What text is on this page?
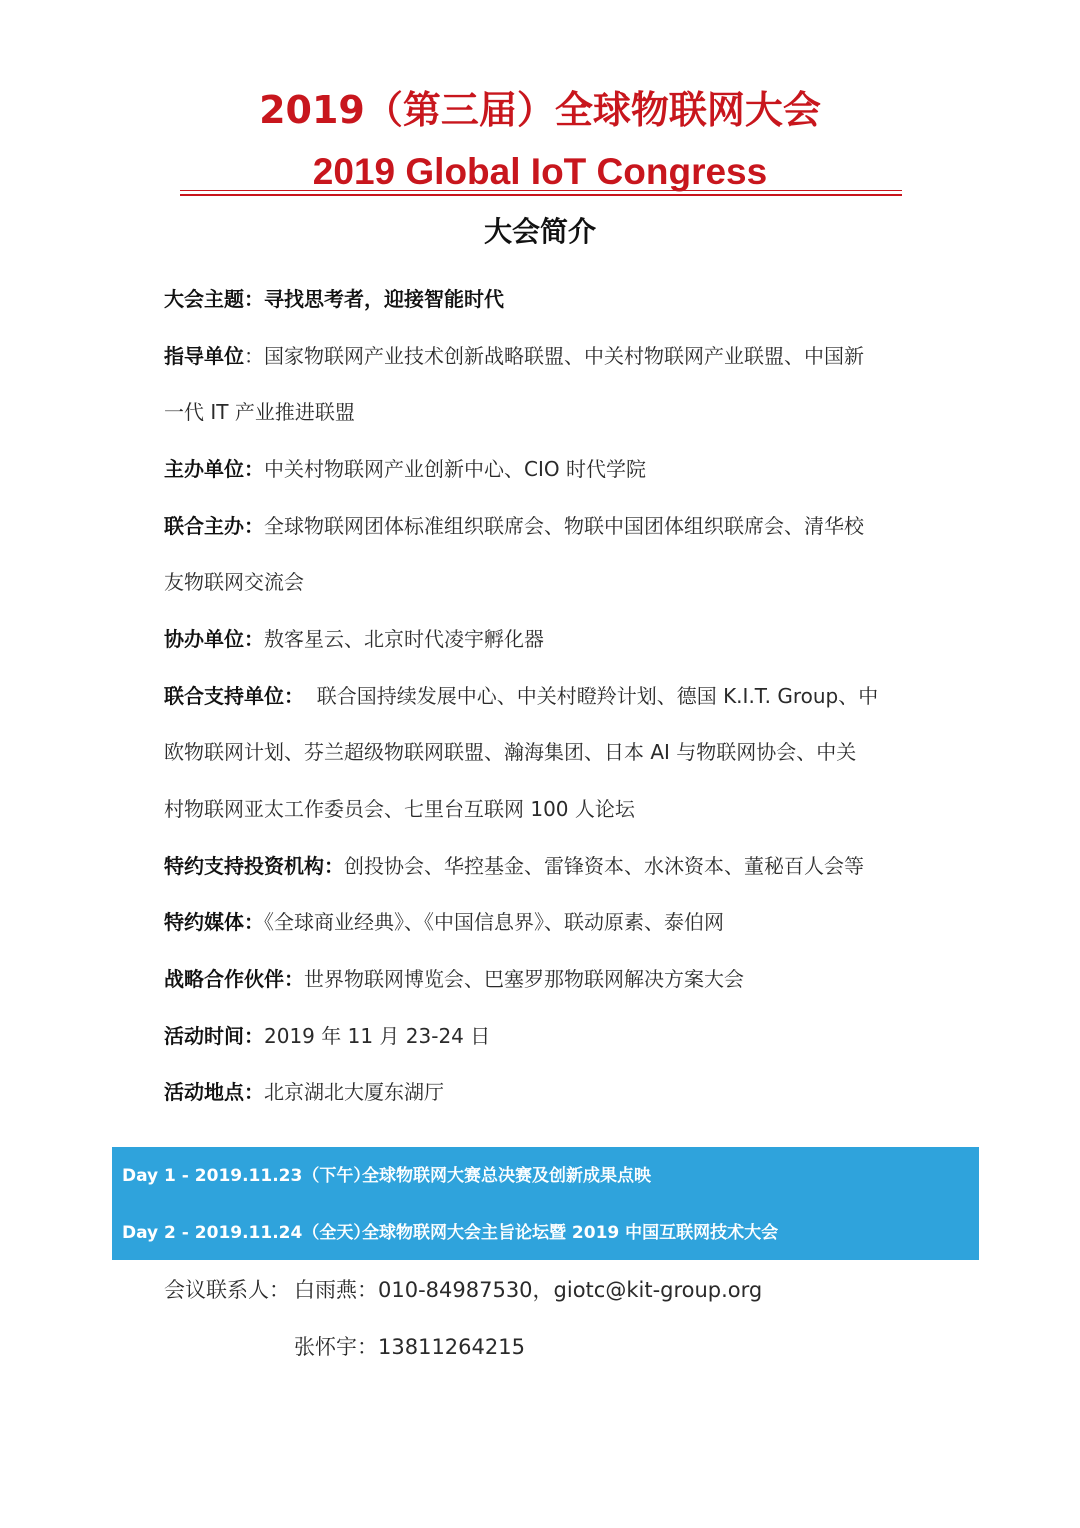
2019（第三届）全球物联网大会
2019 Global IoT Congress
大会简介
大会主题：寻找思考者，迎接智能时代
指导单位：国家物联网产业技术创新战略联盟、中关村物联网产业联盟、中国新
一代 IT 产业推进联盟
主办单位：中关村物联网产业创新中心、CIO 时代学院
联合主办：全球物联网团体标准组织联席会、物联中国团体组织联席会、清华校
友物联网交流会
协办单位：敖客星云、北京时代凌宇孵化器
联合支持单位：  联合国持续发展中心、中关村瞪羚计划、德国 K.I.T. Group、中
欧物联网计划、芬兰超级物联网联盟、瀚海集团、日本 AI 与物联网协会、中关
村物联网亚太工作委员会、七里台互联网 100 人论坛
特约支持投资机构：创投协会、华控基金、雷锋资本、水沐资本、董秘百人会等
特约媒体：《全球商业经典》、《中国信息界》、联动原素、泰伯网
战略合作伙伴：世界物联网博览会、巴塞罗那物联网解决方案大会
活动时间：2019 年 11 月 23-24 日
活动地点：北京湖北大厦东湖厅
Day 1 - 2019.11.23（下午）全球物联网大赛总决赛及创新成果点映
Day 2 - 2019.11.24（全天）全球物联网大会主旨论坛暨 2019 中国互联网技术大会
会议联系人： 白雨燕：010-84987530，giotc@kit-group.org
张怀宇：13811264215
